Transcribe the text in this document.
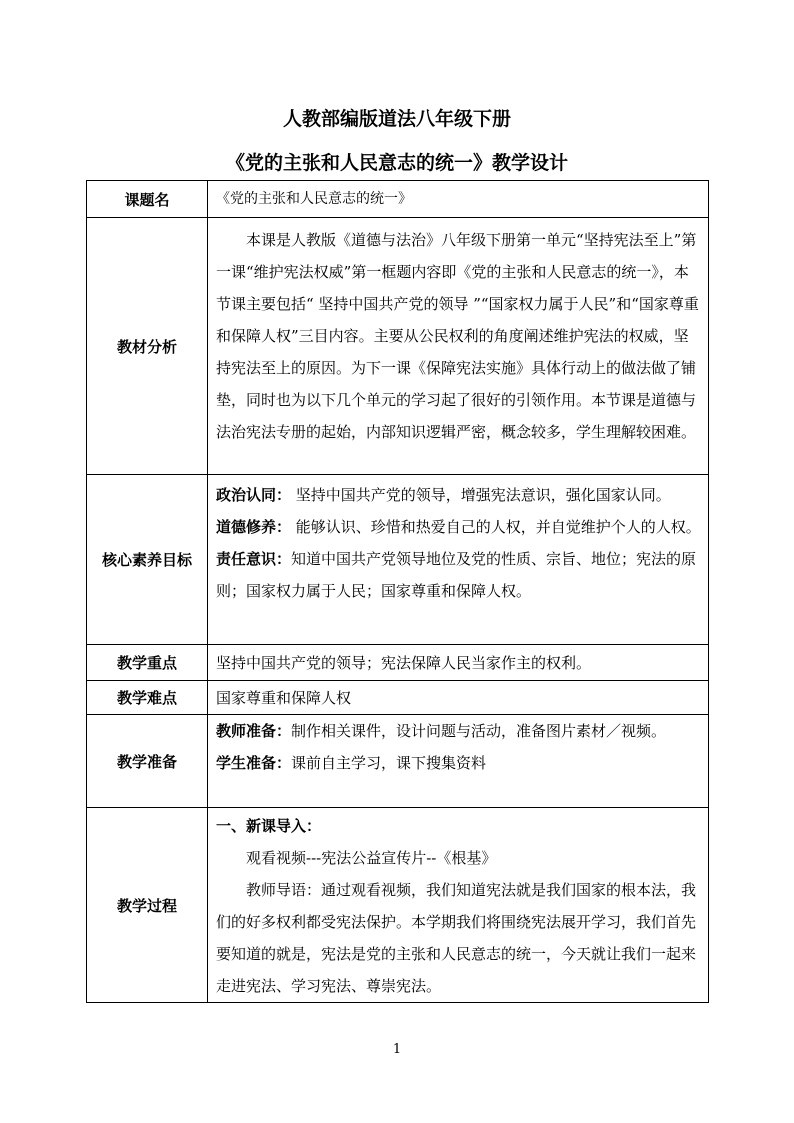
人教部编版道法八年级下册
《党的主张和人民意志的统一》教学设计
课题名	《党的主张和人民意志的统一》

教材分析	本课是人教版《道德与法治》八年级下册第一单元“坚持宪法至上”第一课“维护宪法权威”第一框题内容即《党的主张和人民意志的统一》，本节课主要包括“ 坚持中国共产党的领导 ”“国家权力属于人民”和“国家尊重和保障人权”三目内容。主要从公民权利的角度阐述维护宪法的权威，坚持宪法至上的原因。为下一课《保障宪法实施》具体行动上的做法做了铺垫，同时也为以下几个单元的学习起了很好的引领作用。本节课是道德与法治宪法专册的起始，内部知识逻辑严密，概念较多，学生理解较困难。

核心素养目标	政治认同： 坚持中国共产党的领导，增强宪法意识，强化国家认同。

道德修养： 能够认识、珍惜和热爱自己的人权，并自觉维护个人的人权。

责任意识：知道中国共产党领导地位及党的性质、宗旨、地位；宪法的原则；国家权力属于人民；国家尊重和保障人权。

教学重点	坚持中国共产党的领导；宪法保障人民当家作主的权利。

教学难点	国家尊重和保障人权

教学准备	教师准备：制作相关课件，设计问题与活动，准备图片素材／视频。

学生准备：课前自主学习，课下搜集资料

教学过程	一、新课导入：

观看视频---宪法公益宣传片--《根基》

教师导语：通过观看视频，我们知道宪法就是我们国家的根本法，我们的好多权利都受宪法保护。本学期我们将围绕宪法展开学习，我们首先要知道的就是，宪法是党的主张和人民意志的统一，今天就让我们一起来走进宪法、学习宪法、尊崇宪法。

1
